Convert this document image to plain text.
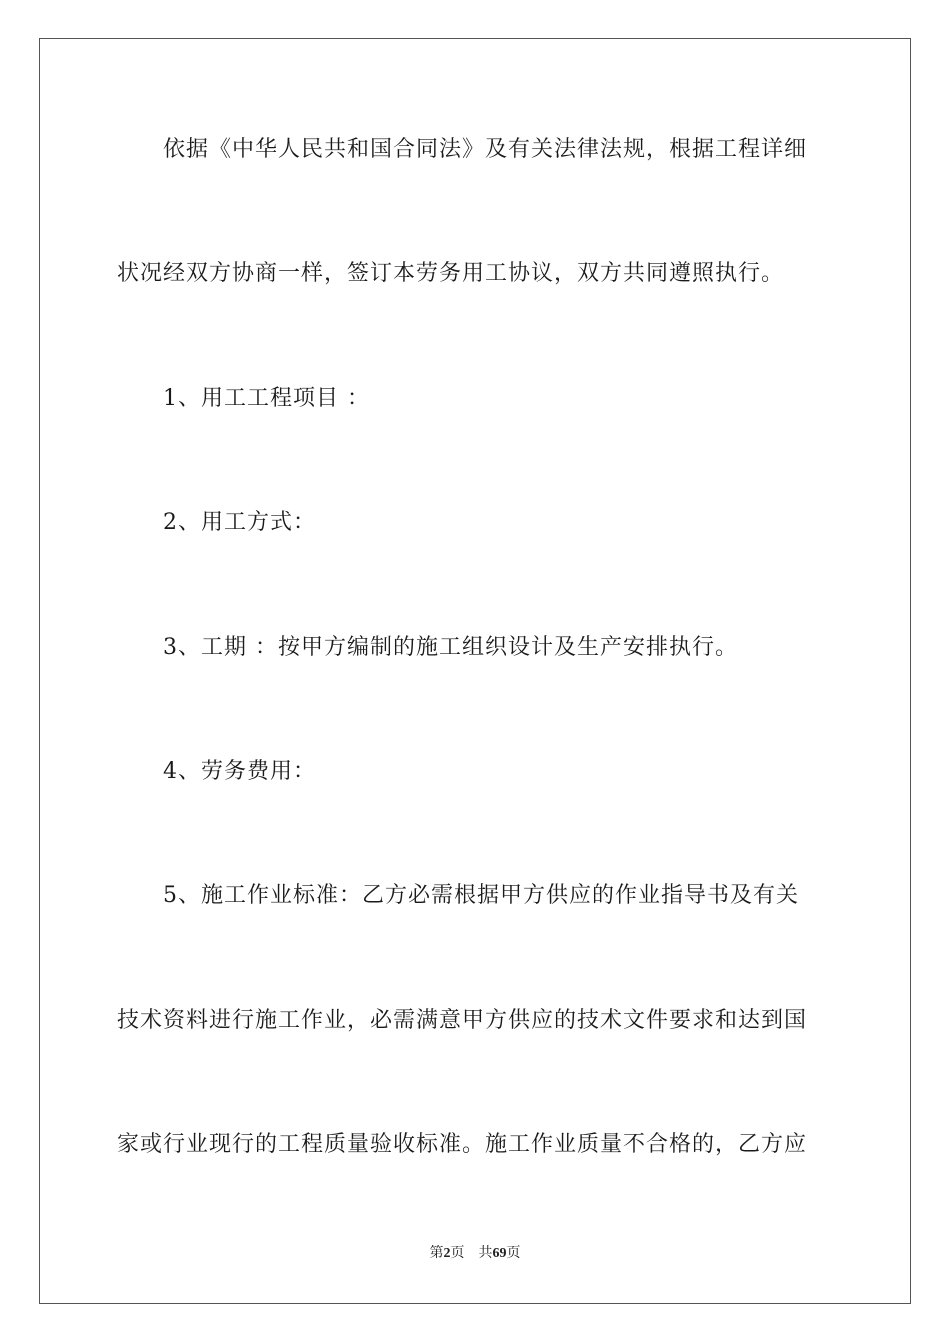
依据《中华人民共和国合同法》及有关法律法规，根据工程详细
状况经双方协商一样，签订本劳务用工协议，双方共同遵照执行。
1、用工工程项目 ：
2、用工方式：
3、工期 ：按甲方编制的施工组织设计及生产安排执行。
4、劳务费用：
5、施工作业标准：乙方必需根据甲方供应的作业指导书及有关
技术资料进行施工作业，必需满意甲方供应的技术文件要求和达到国
家或行业现行的工程质量验收标准。施工作业质量不合格的，乙方应
第2页 共69页
